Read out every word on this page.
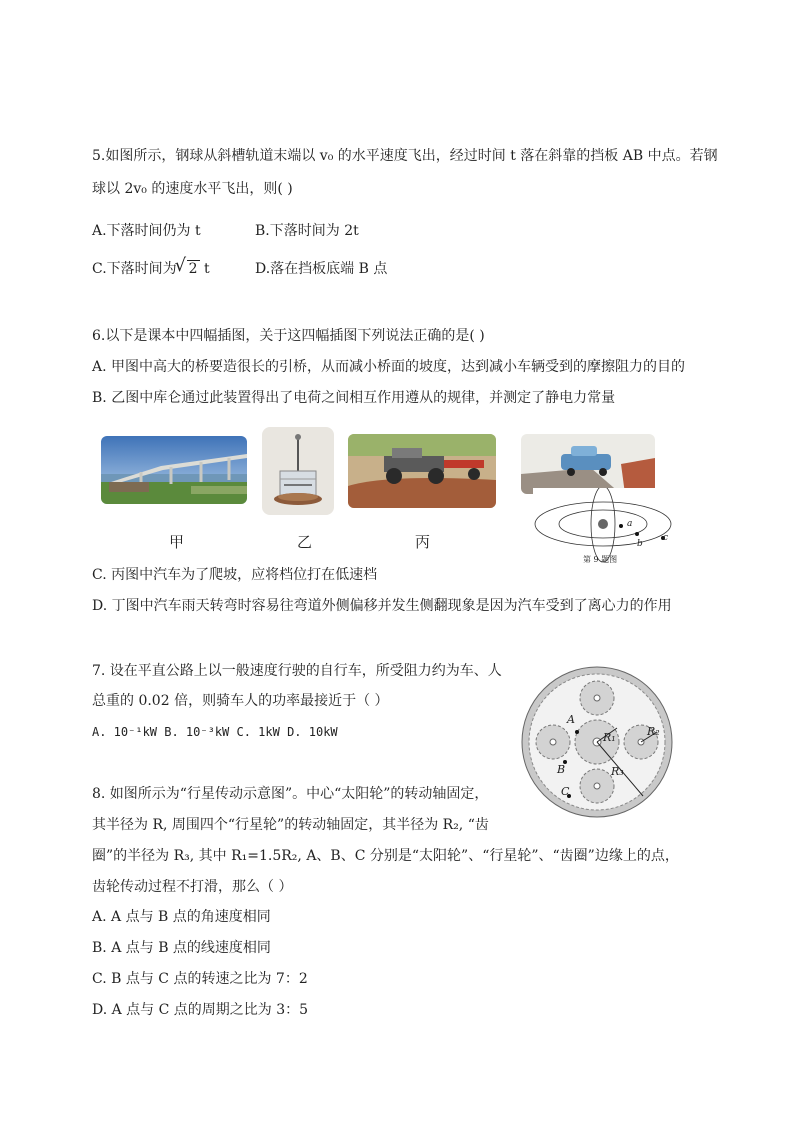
5.如图所示，钢球从斜槽轨道末端以 v₀ 的水平速度飞出，经过时间 t 落在斜靠的挡板 AB 中点。若钢
球以 2v₀ 的速度水平飞出，则( )
A.下落时间仍为 t	B.下落时间为 2t
C.下落时间为√ 2 t	D.落在挡板底端 B 点
6.以下是课本中四幅插图，关于这四幅插图下列说法正确的是( )
A. 甲图中高大的桥要造很长的引桥，从而减小桥面的坡度，达到减小车辆受到的摩擦阻力的目的
B. 乙图中库仑通过此装置得出了电荷之间相互作用遵从的规律，并测定了静电力常量
a
b
c
第 9 题图
甲	乙	丙
C. 丙图中汽车为了爬坡，应将档位打在低速档
D. 丁图中汽车雨天转弯时容易往弯道外侧偏移并发生侧翻现象是因为汽车受到了离心力的作用
7. 设在平直公路上以一般速度行驶的自行车，所受阻力约为车、人
总重的 0.02 倍，则骑车人的功率最接近于（ ）
A. 10⁻¹kW B. 10⁻³kW C. 1kW D. 10kW
A
B
C
R₁	R₂
R₃
8. 如图所示为“行星传动示意图”。中心“太阳轮”的转动轴固定，
其半径为 R, 周围四个“行星轮”的转动轴固定，其半径为 R₂, “齿
圈”的半径为 R₃, 其中 R₁=1.5R₂, A、B、C 分别是“太阳轮”、“行星轮”、“齿圈”边缘上的点，
齿轮传动过程不打滑，那么（ ）
A. A 点与 B 点的角速度相同
B. A 点与 B 点的线速度相同
C. B 点与 C 点的转速之比为 7：2
D. A 点与 C 点的周期之比为 3：5
